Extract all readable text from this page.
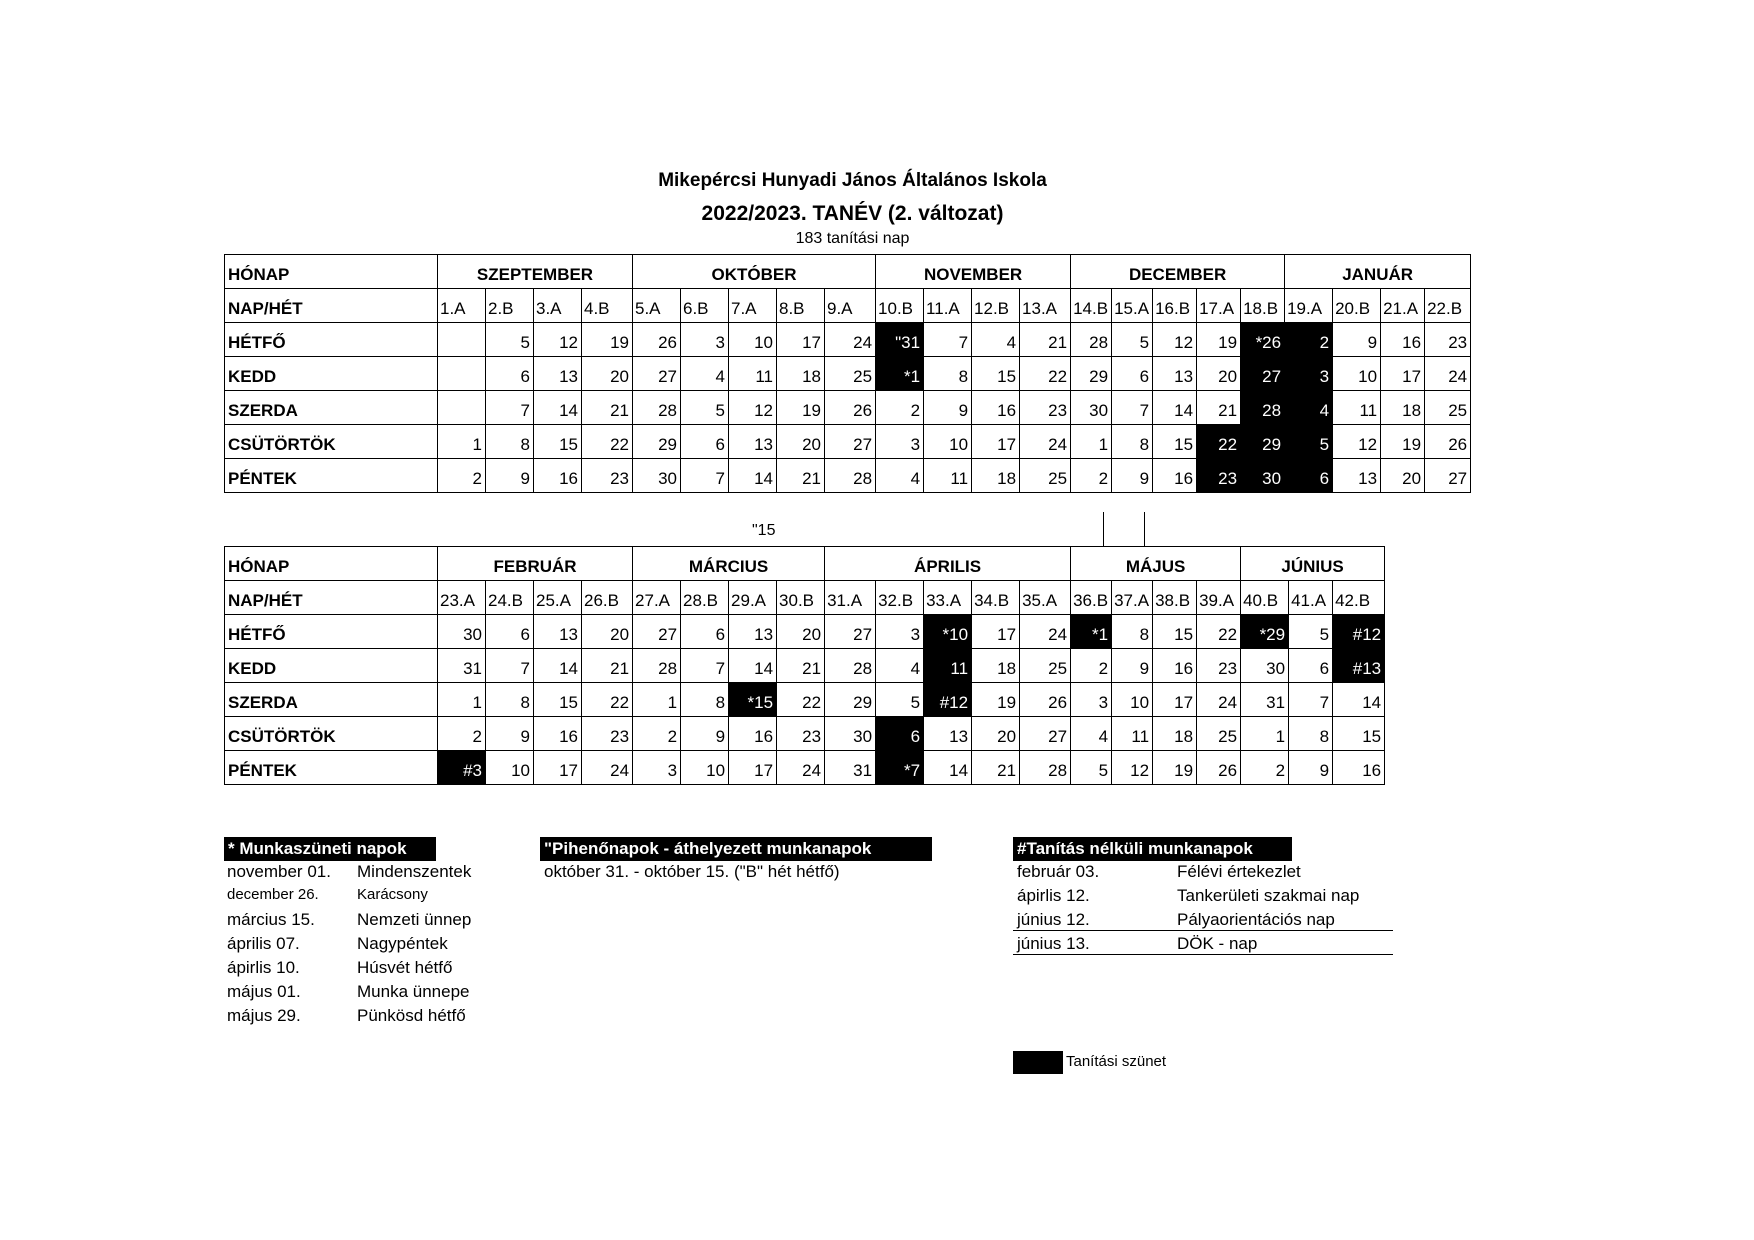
Mikepércsi Hunyadi János Általános Iskola
2022/2023. TANÉV (2. változat)
183 tanítási nap
HÓNAP	SZEPTEMBER				OKTÓBER					NOVEMBER				DECEMBER					JANUÁR			
NAP/HÉT	1.A	2.B	3.A	4.B	5.A	6.B	7.A	8.B	9.A	10.B	11.A	12.B	13.A	14.B	15.A	16.B	17.A	18.B	19.A	20.B	21.A	22.B
HÉTFŐ		5	12	19	26	3	10	17	24	"31	7	4	21	28	5	12	19	*26	2	9	16	23
KEDD		6	13	20	27	4	11	18	25	*1	8	15	22	29	6	13	20	27	3	10	17	24
SZERDA		7	14	21	28	5	12	19	26	2	9	16	23	30	7	14	21	28	4	11	18	25
CSÜTÖRTÖK	1	8	15	22	29	6	13	20	27	3	10	17	24	1	8	15	22	29	5	12	19	26
PÉNTEK	2	9	16	23	30	7	14	21	28	4	11	18	25	2	9	16	23	30	6	13	20	27
"15
HÓNAP	FEBRUÁR				MÁRCIUS				ÁPRILIS					MÁJUS				JÚNIUS		
NAP/HÉT	23.A	24.B	25.A	26.B	27.A	28.B	29.A	30.B	31.A	32.B	33.A	34.B	35.A	36.B	37.A	38.B	39.A	40.B	41.A	42.B
HÉTFŐ	30	6	13	20	27	6	13	20	27	3	*10	17	24	*1	8	15	22	*29	5	#12
KEDD	31	7	14	21	28	7	14	21	28	4	11	18	25	2	9	16	23	30	6	#13
SZERDA	1	8	15	22	1	8	*15	22	29	5	#12	19	26	3	10	17	24	31	7	14
CSÜTÖRTÖK	2	9	16	23	2	9	16	23	30	6	13	20	27	4	11	18	25	1	8	15
PÉNTEK	#3	10	17	24	3	10	17	24	31	*7	14	21	28	5	12	19	26	2	9	16
* Munkaszüneti napok
november 01. Mindenszentek
december 26.	Karácsony
március 15. Nemzeti ünnep
április 07.	Nagypéntek
ápirlis 10.	Húsvét hétfő
május 01.	Munka ünnepe
május 29.	Pünkösd hétfő
"Pihenőnapok - áthelyezett munkanapok
október 31. - október 15. ("B" hét hétfő)
#Tanítás nélküli munkanapok
február 03.	Félévi értekezlet
ápirlis 12.	Tankerületi szakmai nap
június 12.	Pályaorientációs nap
június 13.	DÖK - nap
Tanítási szünet
